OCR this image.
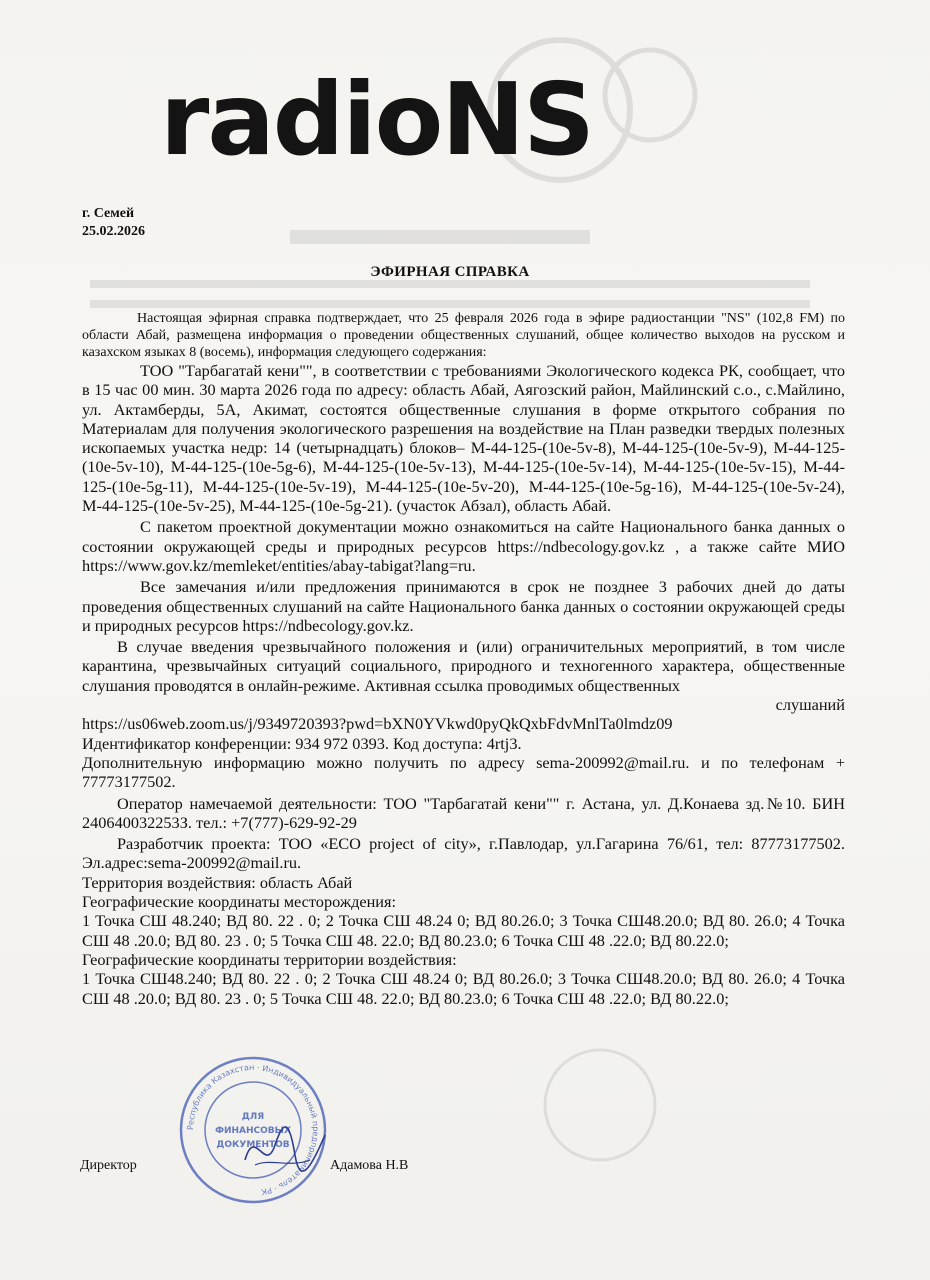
radioNS
г. Семей
25.02.2026
ЭФИРНАЯ СПРАВКА

Настоящая эфирная справка подтверждает, что 25 февраля 2026 года в эфире радиостанции "NS" (102,8 FM) по области Абай, размещена информация о проведении общественных слушаний, общее количество выходов на русском и казахском языках 8 (восемь), информация следующего содержания:

ТОО "Тарбагатай кени"", в соответствии с требованиями Экологического кодекса РК, сообщает, что в 15 час 00 мин. 30 марта 2026 года по адресу: область Абай, Аягозский район, Майлинский с.о., с.Майлино, ул. Актамберды, 5А, Акимат, состоятся общественные слушания в форме открытого собрания по Материалам для получения экологического разрешения на воздействие на План разведки твердых полезных ископаемых участка недр: 14 (четырнадцать) блоков– М-44-125-(10е-5v-8), М-44-125-(10е-5v-9), М-44-125-(10е-5v-10), М-44-125-(10е-5g-6), М-44-125-(10е-5v-13), М-44-125-(10е-5v-14), М-44-125-(10е-5v-15), М-44-125-(10е-5g-11), М-44-125-(10е-5v-19), М-44-125-(10е-5v-20), М-44-125-(10е-5g-16), М-44-125-(10е-5v-24), М-44-125-(10е-5v-25), М-44-125-(10е-5g-21). (участок Абзал), область Абай.

С пакетом проектной документации можно ознакомиться на сайте Национального банка данных о состоянии окружающей среды и природных ресурсов https://ndbecology.gov.kz , а также сайте МИО https://www.gov.kz/memleket/entities/abay-tabigat?lang=ru.

Все замечания и/или предложения принимаются в срок не позднее 3 рабочих дней до даты проведения общественных слушаний на сайте Национального банка данных о состоянии окружающей среды и природных ресурсов https://ndbecology.gov.kz.

В случае введения чрезвычайного положения и (или) ограничительных мероприятий, в том числе карантина, чрезвычайных ситуаций социального, природного и техногенного характера, общественные слушания проводятся в онлайн-режиме. Активная ссылка проводимых общественных

слушаний

https://us06web.zoom.us/j/9349720393?pwd=bXN0YVkwd0pyQkQxbFdvMnlTa0lmdz09

Идентификатор конференции: 934 972 0393. Код доступа: 4rtj3.

Дополнительную информацию можно получить по адресу sema-200992@mail.ru. и по телефонам + 77773177502.

Оператор намечаемой деятельности: ТОО "Тарбагатай кени"" г. Астана, ул. Д.Конаева зд.№10. БИН 240640032253З. тел.: +7(777)-629-92-29

Разработчик проекта: ТОО «ЕСО project of city», г.Павлодар, ул.Гагарина 76/61, тел: 87773177502. Эл.адрес:sema-200992@mail.ru.

Территория воздействия: область Абай

Географические координаты месторождения:

1 Точка СШ 48.240; ВД 80. 22 . 0; 2 Точка СШ 48.24 0; ВД 80.26.0; 3 Точка СШ48.20.0; ВД 80. 26.0; 4 Точка СШ 48 .20.0; ВД 80. 23 . 0; 5 Точка СШ 48. 22.0; ВД 80.23.0; 6 Точка СШ 48 .22.0; ВД 80.22.0;

Географические координаты территории воздействия:

1 Точка СШ48.240; ВД 80. 22 . 0; 2 Точка СШ 48.24 0; ВД 80.26.0; 3 Точка СШ48.20.0; ВД 80. 26.0; 4 Точка СШ 48 .20.0; ВД 80. 23 . 0; 5 Точка СШ 48. 22.0; ВД 80.23.0; 6 Точка СШ 48 .22.0; ВД 80.22.0;

Республика Казахстан · Индивидуальный предприниматель · РК
ДЛЯ
ФИНАНСОВЫХ
ДОКУМЕНТОВ
Директор	Адамова Н.В
